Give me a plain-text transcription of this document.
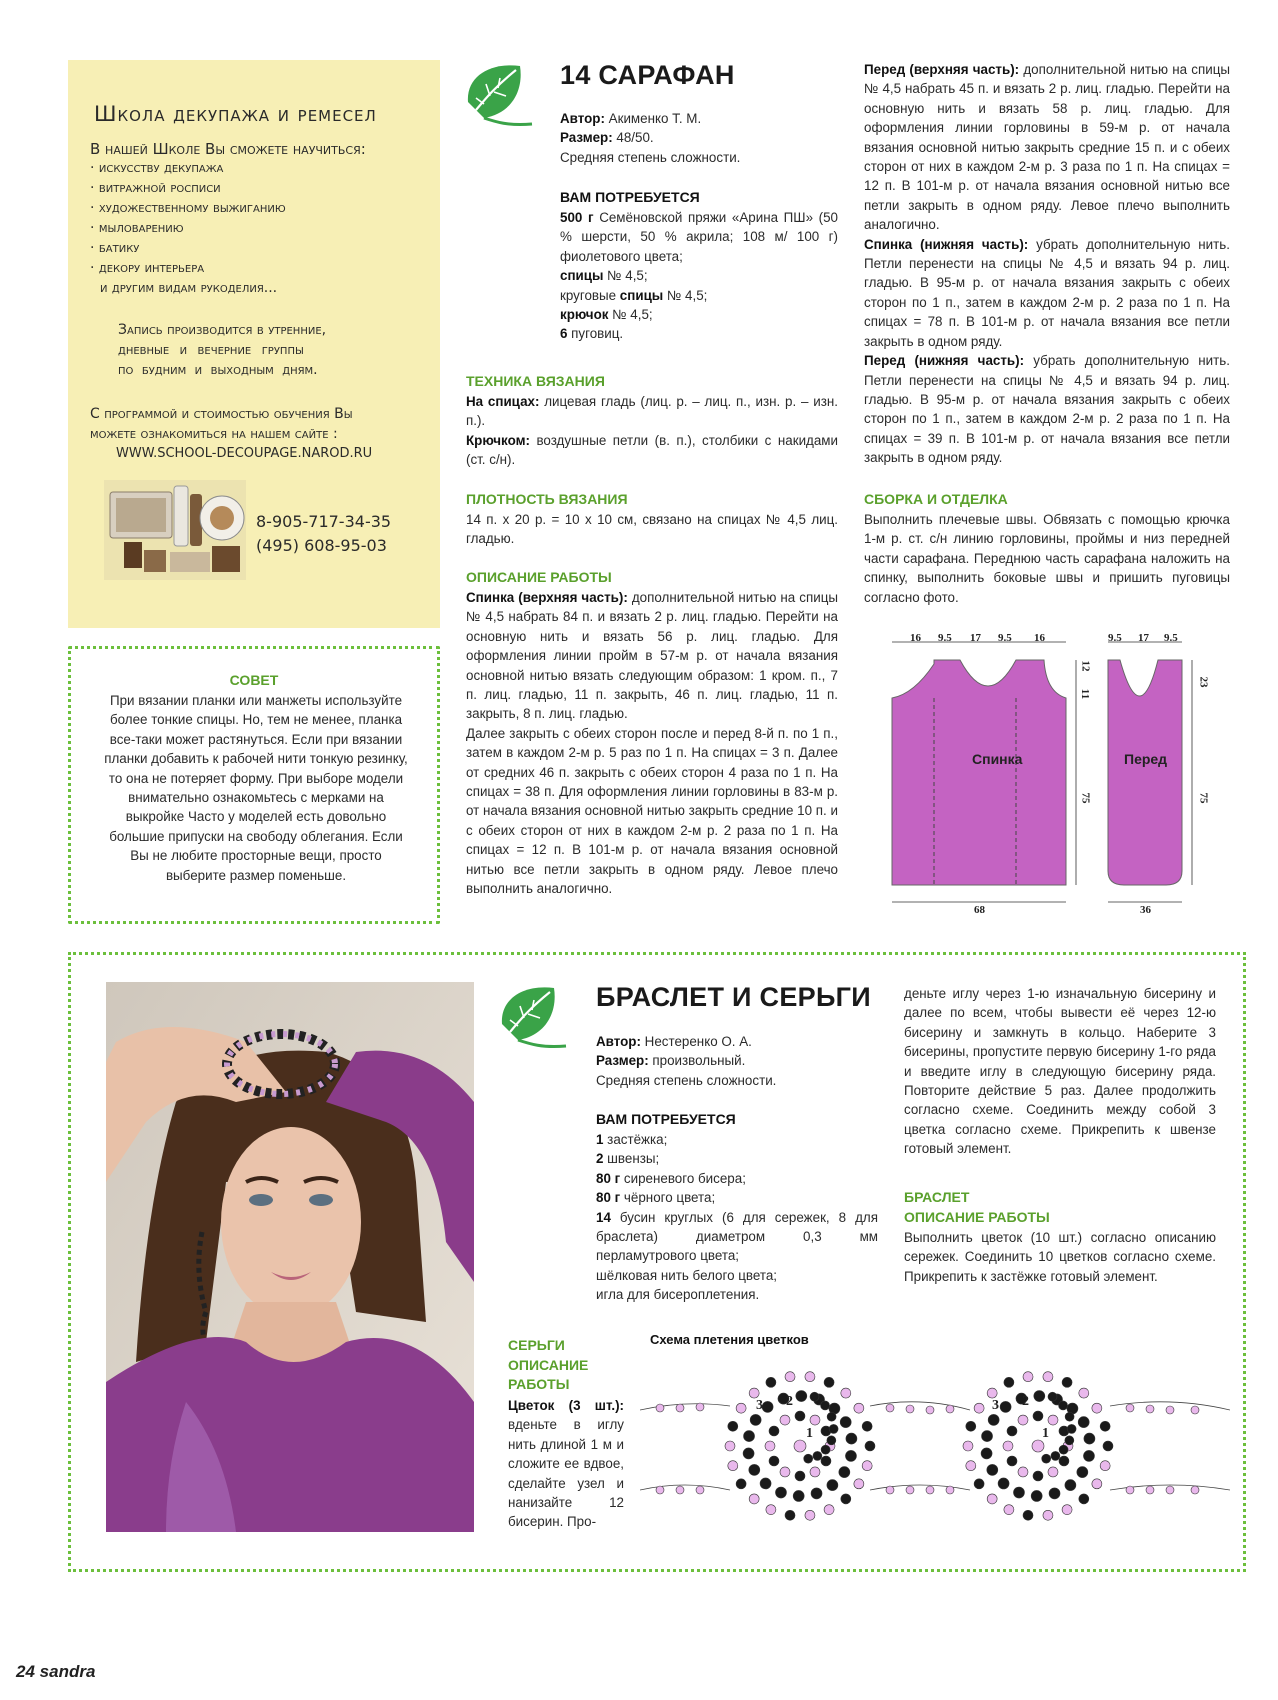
Школа декупажа и ремесел
В нашей Школе Вы сможете научиться:
· искусству декупажа
· витражной росписи
· художественному выжиганию
· мыловарению
· батику
· декору интерьера
и другим видам рукоделия...
Запись производится в утренние,
дневные и вечерние группы
по будним и выходным дням.
С программой и стоимостью обучения Вы
можете ознакомиться на нашем сайте :
WWW.SCHOOL-DECOUPAGE.NAROD.RU
8-905-717-34-35
(495) 608-95-03
СОВЕТ
При вязании планки или манжеты используйте более тонкие спицы. Но, тем не менее, планка все-таки может растянуться. Если при вязании планки добавить к рабочей нити тонкую резинку, то она не потеряет форму. При выборе модели внимательно ознакомьтесь с мерками на выкройке Часто у моделей есть довольно большие припуски на свободу облегания. Если Вы не любите просторные вещи, просто выберите размер поменьше.
14 САРАФАН
Автор: Акименко Т. М.
Размер: 48/50.
Средняя степень сложности.
ВАМ ПОТРЕБУЕТСЯ
500 г Семёновской пряжи «Арина ПШ» (50 % шерсти, 50 % акрила; 108 м/ 100 г) фиолетового цвета;
спицы № 4,5;
круговые спицы № 4,5;
крючок № 4,5;
6 пуговиц.
ТЕХНИКА ВЯЗАНИЯ
На спицах: лицевая гладь (лиц. р. – лиц. п., изн. р. – изн. п.).
Крючком: воздушные петли (в. п.), столбики с накидами (ст. с/н).
ПЛОТНОСТЬ ВЯЗАНИЯ
14 п. х 20 р. = 10 х 10 см, связано на спицах № 4,5 лиц. гладью.
ОПИСАНИЕ РАБОТЫ
Спинка (верхняя часть): дополнительной нитью на спицы № 4,5 набрать 84 п. и вязать 2 р. лиц. гладью. Перейти на основную нить и вязать 56 р. лиц. гладью. Для оформления линии пройм в 57-м р. от начала вязания основной нитью вязать следующим образом: 1 кром. п., 7 п. лиц. гладью, 11 п. закрыть, 46 п. лиц. гладью, 11 п. закрыть, 8 п. лиц. гладью.
Далее закрыть с обеих сторон после и перед 8-й п. по 1 п., затем в каждом 2-м р. 5 раз по 1 п. На спицах = 3 п. Далее от средних 46 п. закрыть с обеих сторон 4 раза по 1 п. На спицах = 38 п. Для оформления линии горловины в 83-м р. от начала вязания основной нитью закрыть средние 10 п. и с обеих сторон от них в каждом 2-м р. 2 раза по 1 п. На спицах = 12 п. В 101-м р. от начала вязания основной нитью все петли закрыть в одном ряду. Левое плечо выполнить аналогично.
Перед (верхняя часть): дополнительной нитью на спицы № 4,5 набрать 45 п. и вязать 2 р. лиц. гладью. Перейти на основную нить и вязать 58 р. лиц. гладью. Для оформления линии горловины в 59-м р. от начала вязания основной нитью закрыть средние 15 п. и с обеих сторон от них в каждом 2-м р. 3 раза по 1 п. На спицах = 12 п. В 101-м р. от начала вязания основной нитью все петли закрыть в одном ряду. Левое плечо выполнить аналогично.
Спинка (нижняя часть): убрать дополнительную нить. Петли перенести на спицы № 4,5 и вязать 94 р. лиц. гладью. В 95-м р. от начала вязания закрыть с обеих сторон по 1 п., затем в каждом 2-м р. 2 раза по 1 п. На спицах = 78 п. В 101-м р. от начала вязания все петли закрыть в одном ряду.
Перед (нижняя часть): убрать дополнительную нить. Петли перенести на спицы № 4,5 и вязать 94 р. лиц. гладью. В 95-м р. от начала вязания закрыть с обеих сторон по 1 п., затем в каждом 2-м р. 2 раза по 1 п. На спицах = 39 п. В 101-м р. от начала вязания все петли закрыть в одном ряду.
СБОРКА И ОТДЕЛКА
Выполнить плечевые швы. Обвязать с помощью крючка 1-м р. ст. с/н линию горловины, проймы и низ передней части сарафана. Переднюю часть сарафана наложить на спинку, выполнить боковые швы и пришить пуговицы согласно фото.
Спинка	Перед
16 9.5 17 9.5 16	9.5 17 9.5
12
11
75
23
75
68	36
БРАСЛЕТ И СЕРЬГИ
Автор: Нестеренко О. А.
Размер: произвольный.
Средняя степень сложности.
ВАМ ПОТРЕБУЕТСЯ
1 застёжка;
2 швензы;
80 г сиреневого бисера;
80 г чёрного цвета;
14 бусин круглых (6 для сережек, 8 для браслета) диаметром 0,3 мм перламутрового цвета;
шёлковая нить белого цвета;
игла для бисероплетения.
деньте иглу через 1-ю изначальную бисерину и далее по всем, чтобы вывести её через 12-ю бисерину и замкнуть в кольцо. Наберите 3 бисерины, пропустите первую бисерину 1-го ряда и введите иглу в следующую бисерину ряда. Повторите действие 5 раз. Далее продолжить согласно схеме. Соединить между собой 3 цветка согласно схеме. Прикрепить к швензе готовый элемент.
БРАСЛЕТ
ОПИСАНИЕ РАБОТЫ
Выполнить цветок (10 шт.) согласно описанию сережек. Соединить 10 цветков согласно схеме. Прикрепить к застёжке готовый элемент.
СЕРЬГИ
ОПИСАНИЕ РАБОТЫ
Цветок (3 шт.): вденьте в иглу нить длиной 1 м и сложите ее вдвое, сделайте узел и нанизайте 12 бисерин. Про-
Схема плетения цветков
3 2
1
3 2
1
24 sandra
